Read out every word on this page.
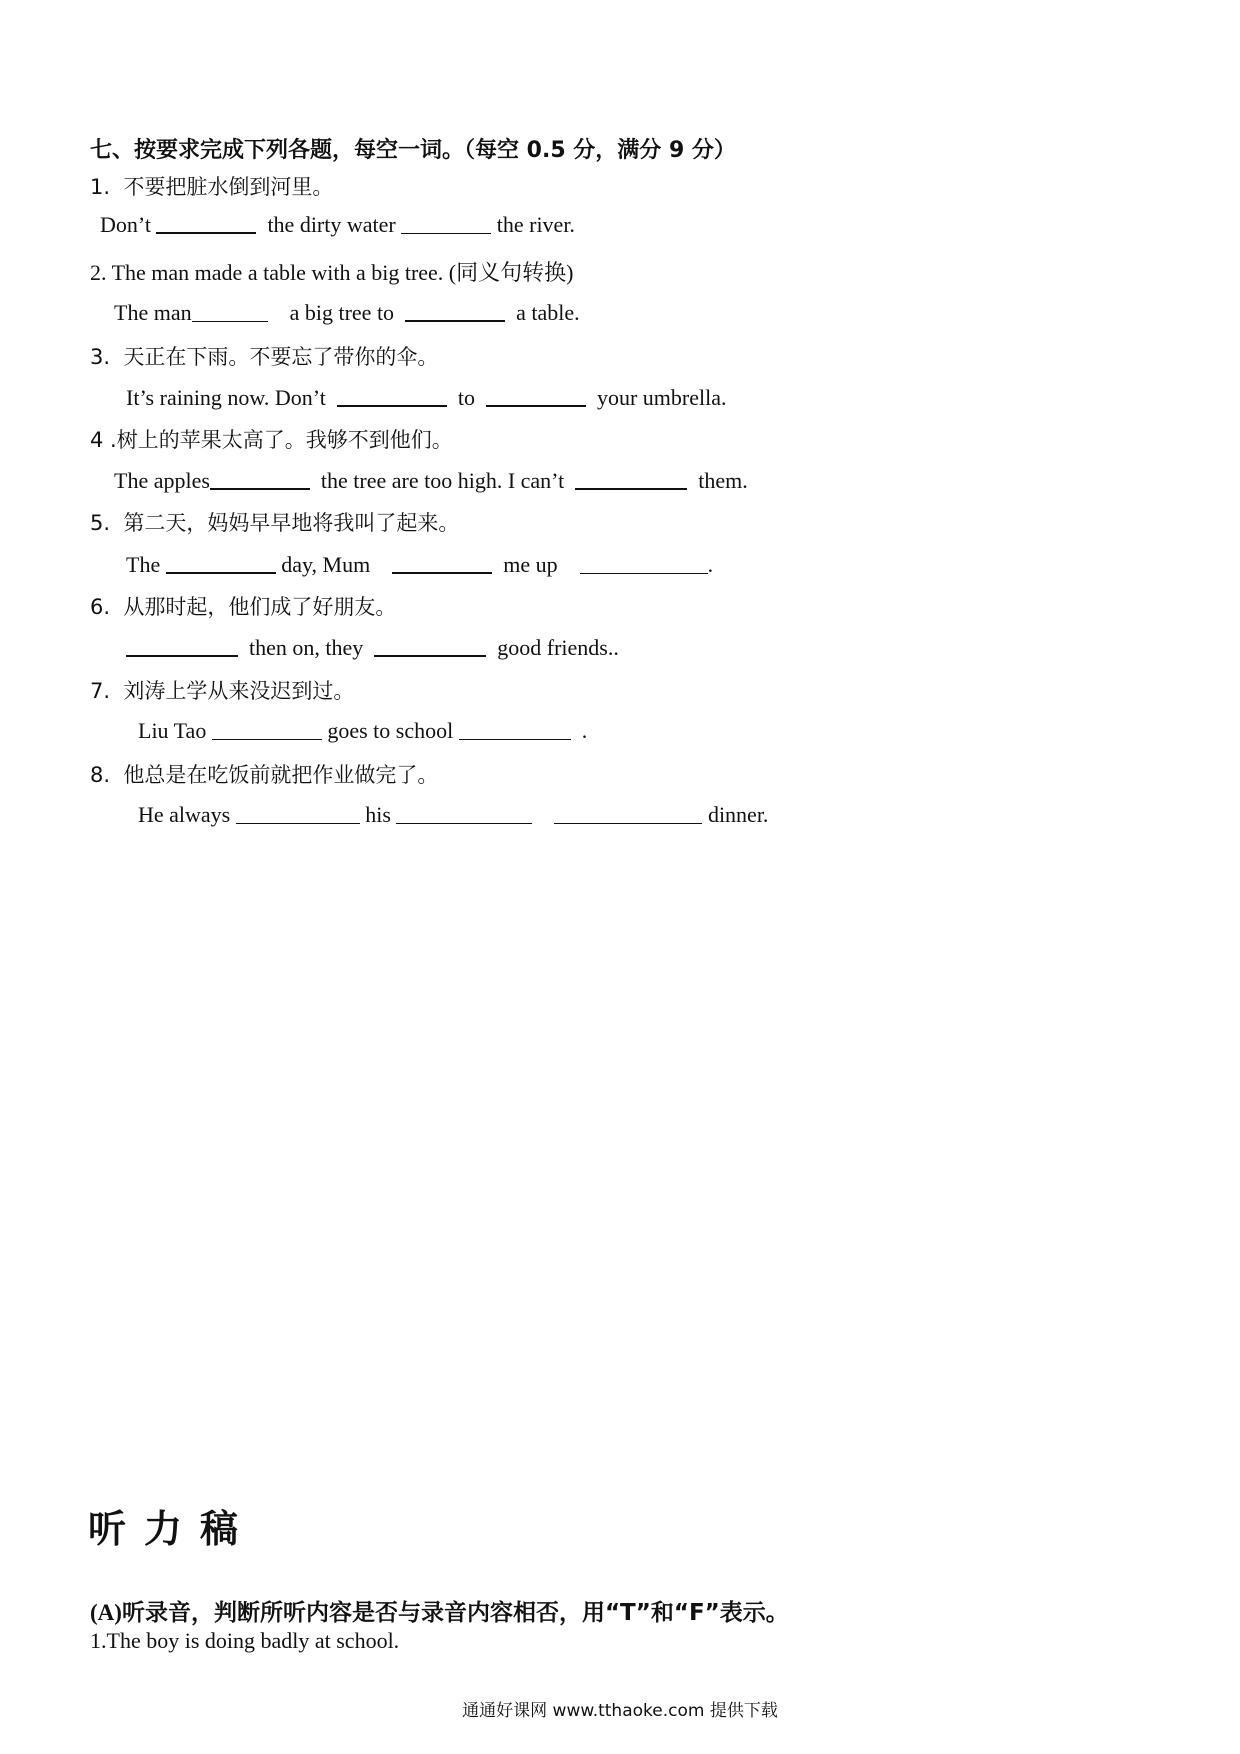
七、按要求完成下列各题，每空一词。（每空 0.5 分，满分 9 分）
1.  不要把脏水倒到河里。
Don’t	the dirty water	the river.
2. The man made a table with a big tree. (同义句转换)
The man	a big tree to	a table.
3.  天正在下雨。不要忘了带你的伞。
It’s raining now. Don’t	to	your umbrella.
4 .树上的苹果太高了。我够不到他们。
The apples	the tree are too high. I can’t	them.
5.  第二天，妈妈早早地将我叫了起来。
The	day, Mum	me up	.
6.  从那时起，他们成了好朋友。
then on, they	good friends..
7.  刘涛上学从来没迟到过。
Liu Tao	goes to school	.
8.  他总是在吃饭前就把作业做完了。
He always	his	dinner.
听力稿
(A)听录音，判断所听内容是否与录音内容相否，用“T”和“F”表示。
1.The boy is doing badly at school.
通通好课网 www.tthaoke.com 提供下载
